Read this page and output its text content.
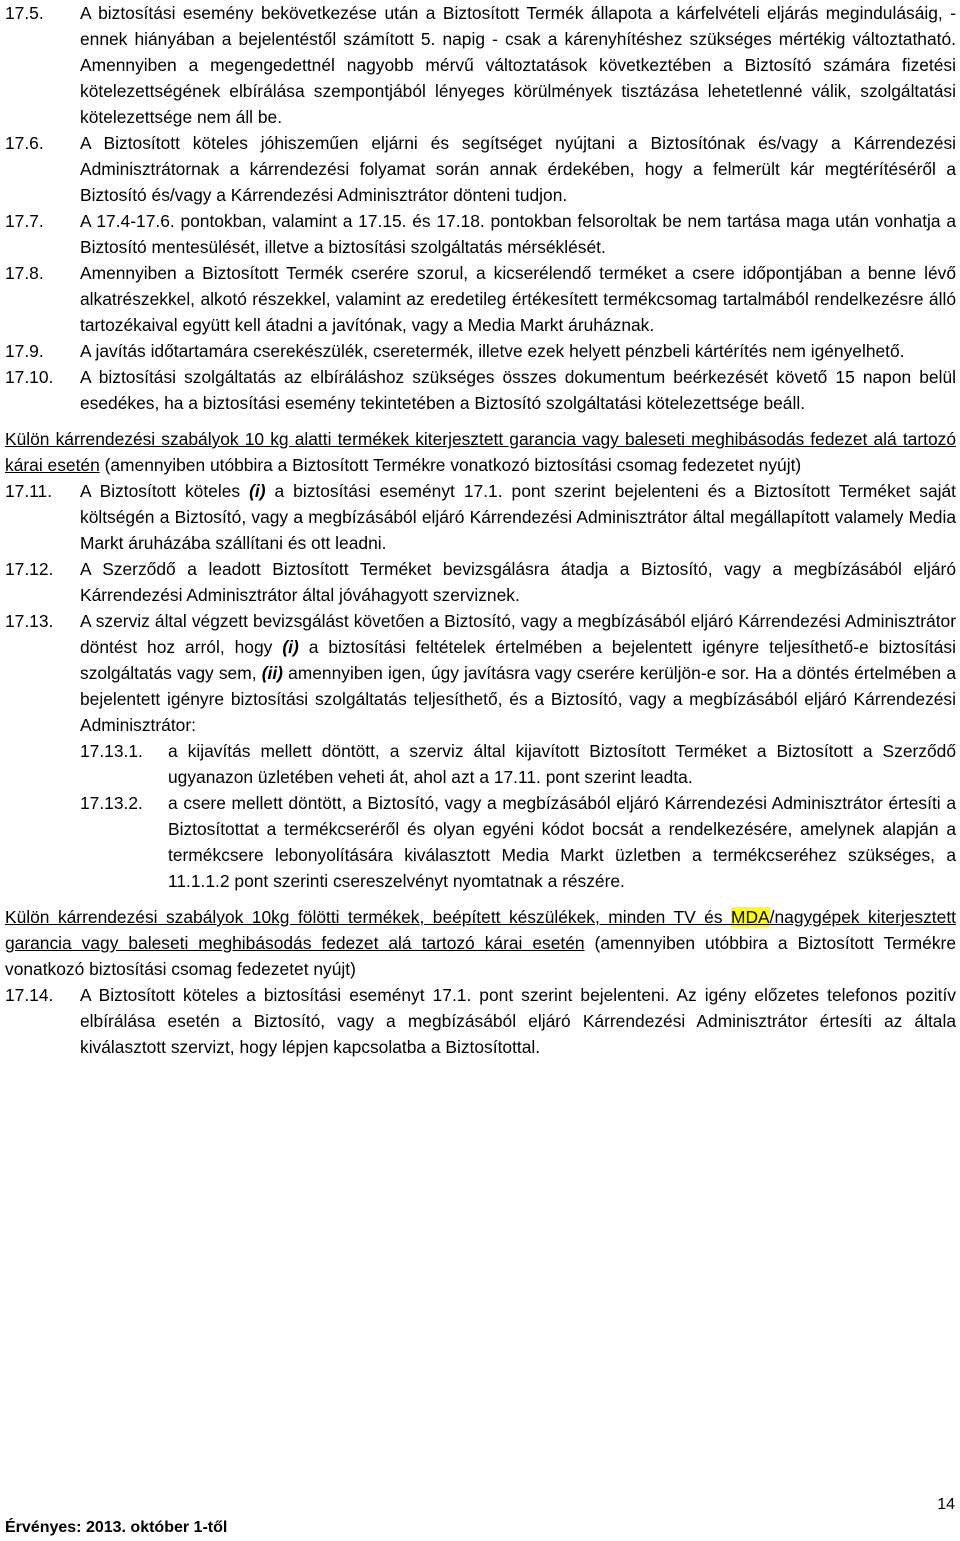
17.5.	A biztosítási esemény bekövetkezése után a Biztosított Termék állapota a kárfelvételi eljárás megindulásáig, - ennek hiányában a bejelentéstől számított 5. napig - csak a kárenyhítéshez szükséges mértékig változtatható. Amennyiben a megengedettnél nagyobb mérvű változtatások következtében a Biztosító számára fizetési kötelezettségének elbírálása szempontjából lényeges körülmények tisztázása lehetetlenné válik, szolgáltatási kötelezettsége nem áll be.
17.6.	A Biztosított köteles jóhiszeműen eljárni és segítséget nyújtani a Biztosítónak és/vagy a Kárrendezési Adminisztrátornak a kárrendezési folyamat során annak érdekében, hogy a felmerült kár megtérítéséről a Biztosító és/vagy a Kárrendezési Adminisztrátor dönteni tudjon.
17.7.	A 17.4-17.6. pontokban, valamint a 17.15. és 17.18. pontokban felsoroltak be nem tartása maga után vonhatja a Biztosító mentesülését, illetve a biztosítási szolgáltatás mérséklését.
17.8.	Amennyiben a Biztosított Termék cserére szorul, a kicserélendő terméket a csere időpontjában a benne lévő alkatrészekkel, alkotó részekkel, valamint az eredetileg értékesített termékcsomag tartalmából rendelkezésre álló tartozékaival együtt kell átadni a javítónak, vagy a Media Markt áruháznak.
17.9.	A javítás időtartamára cserekészülék, cseretermék, illetve ezek helyett pénzbeli kártérítés nem igényelhető.
17.10.	A biztosítási szolgáltatás az elbíráláshoz szükséges összes dokumentum beérkezését követő 15 napon belül esedékes, ha a biztosítási esemény tekintetében a Biztosító szolgáltatási kötelezettsége beáll.
Külön kárrendezési szabályok 10 kg alatti termékek kiterjesztett garancia vagy baleseti meghibásodás fedezet alá tartozó kárai esetén (amennyiben utóbbira a Biztosított Termékre vonatkozó biztosítási csomag fedezetet nyújt)
17.11.	A Biztosított köteles (i) a biztosítási eseményt 17.1. pont szerint bejelenteni és a Biztosított Terméket saját költségén a Biztosító, vagy a megbízásából eljáró Kárrendezési Adminisztrátor által megállapított valamely Media Markt áruházába szállítani és ott leadni.
17.12.	A Szerződő a leadott Biztosított Terméket bevizsgálásra átadja a Biztosító, vagy a megbízásából eljáró Kárrendezési Adminisztrátor által jóváhagyott szerviznek.
17.13.	A szerviz által végzett bevizsgálást követően a Biztosító, vagy a megbízásából eljáró Kárrendezési Adminisztrátor döntést hoz arról, hogy (i) a biztosítási feltételek értelmében a bejelentett igényre teljesíthető-e biztosítási szolgáltatás vagy sem, (ii) amennyiben igen, úgy javításra vagy cserére kerüljön-e sor. Ha a döntés értelmében a bejelentett igényre biztosítási szolgáltatás teljesíthető, és a Biztosító, vagy a megbízásából eljáró Kárrendezési Adminisztrátor:
17.13.1.	a kijavítás mellett döntött, a szerviz által kijavított Biztosított Terméket a Biztosított a Szerződő ugyanazon üzletében veheti át, ahol azt a 17.11. pont szerint leadta.
17.13.2.	a csere mellett döntött, a Biztosító, vagy a megbízásából eljáró Kárrendezési Adminisztrátor értesíti a Biztosítottat a termékcseréről és olyan egyéni kódot bocsát a rendelkezésére, amelynek alapján a termékcsere lebonyolítására kiválasztott Media Markt üzletben a termékcseréhez szükséges, a 11.1.1.2 pont szerinti csereszelvényt nyomtatnak a részére.
Külön kárrendezési szabályok 10kg fölötti termékek, beépített készülékek, minden TV és MDA/nagygépek kiterjesztett garancia vagy baleseti meghibásodás fedezet alá tartozó kárai esetén (amennyiben utóbbira a Biztosított Termékre vonatkozó biztosítási csomag fedezetet nyújt)
17.14.	A Biztosított köteles a biztosítási eseményt 17.1. pont szerint bejelenteni. Az igény előzetes telefonos pozitív elbírálása esetén a Biztosító, vagy a megbízásából eljáró Kárrendezési Adminisztrátor értesíti az általa kiválasztott szervizt, hogy lépjen kapcsolatba a Biztosítottal.
14
Érvényes: 2013. október 1-től
